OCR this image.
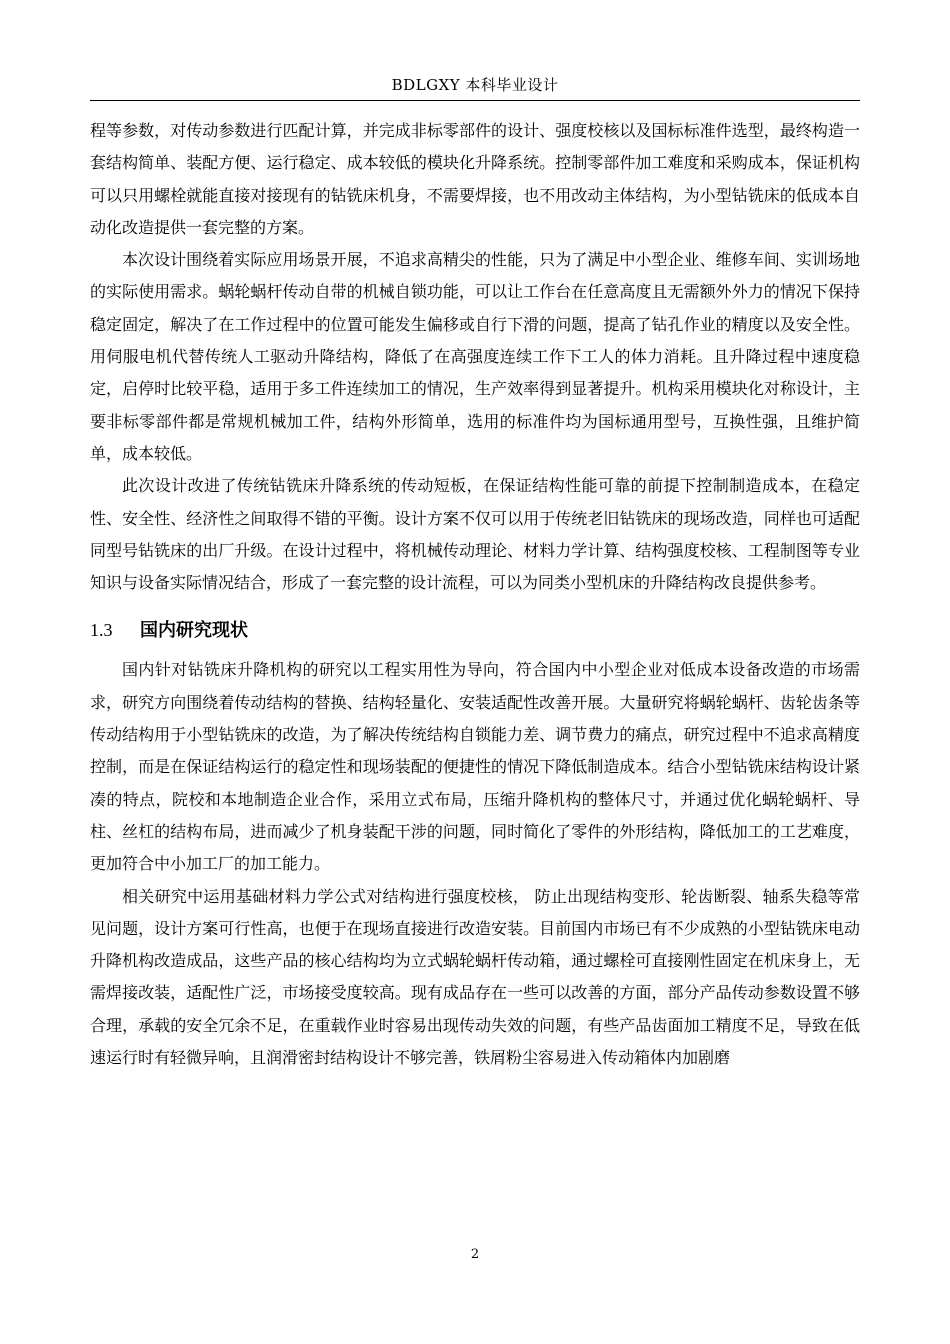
BDLGXY 本科毕业设计

程等参数，对传动参数进行匹配计算，并完成非标零部件的设计、强度校核以及国标标准件选型，最终构造一套结构简单、装配方便、运行稳定、成本较低的模块化升降系统。控制零部件加工难度和采购成本，保证机构可以只用螺栓就能直接对接现有的钻铣床机身，不需要焊接，也不用改动主体结构，为小型钻铣床的低成本自动化改造提供一套完整的方案。

本次设计围绕着实际应用场景开展，不追求高精尖的性能，只为了满足中小型企业、维修车间、实训场地的实际使用需求。蜗轮蜗杆传动自带的机械自锁功能，可以让工作台在任意高度且无需额外外力的情况下保持稳定固定，解决了在工作过程中的位置可能发生偏移或自行下滑的问题，提高了钻孔作业的精度以及安全性。用伺服电机代替传统人工驱动升降结构，降低了在高强度连续工作下工人的体力消耗。且升降过程中速度稳定，启停时比较平稳，适用于多工件连续加工的情况，生产效率得到显著提升。机构采用模块化对称设计，主要非标零部件都是常规机械加工件，结构外形简单，选用的标准件均为国标通用型号，互换性强，且维护简单，成本较低。

此次设计改进了传统钻铣床升降系统的传动短板，在保证结构性能可靠的前提下控制制造成本，在稳定性、安全性、经济性之间取得不错的平衡。设计方案不仅可以用于传统老旧钻铣床的现场改造，同样也可适配同型号钻铣床的出厂升级。在设计过程中，将机械传动理论、材料力学计算、结构强度校核、工程制图等专业知识与设备实际情况结合，形成了一套完整的设计流程，可以为同类小型机床的升降结构改良提供参考。

1.3 国内研究现状

国内针对钻铣床升降机构的研究以工程实用性为导向，符合国内中小型企业对低成本设备改造的市场需求，研究方向围绕着传动结构的替换、结构轻量化、安装适配性改善开展。大量研究将蜗轮蜗杆、齿轮齿条等传动结构用于小型钻铣床的改造，为了解决传统结构自锁能力差、调节费力的痛点，研究过程中不追求高精度控制，而是在保证结构运行的稳定性和现场装配的便捷性的情况下降低制造成本。结合小型钻铣床结构设计紧凑的特点，院校和本地制造企业合作，采用立式布局，压缩升降机构的整体尺寸，并通过优化蜗轮蜗杆、导柱、丝杠的结构布局，进而减少了机身装配干涉的问题，同时简化了零件的外形结构，降低加工的工艺难度，更加符合中小加工厂的加工能力。

相关研究中运用基础材料力学公式对结构进行强度校核， 防止出现结构变形、轮齿断裂、轴系失稳等常见问题，设计方案可行性高，也便于在现场直接进行改造安装。目前国内市场已有不少成熟的小型钻铣床电动升降机构改造成品，这些产品的核心结构均为立式蜗轮蜗杆传动箱，通过螺栓可直接刚性固定在机床身上，无需焊接改装，适配性广泛，市场接受度较高。现有成品存在一些可以改善的方面，部分产品传动参数设置不够合理，承载的安全冗余不足，在重载作业时容易出现传动失效的问题，有些产品齿面加工精度不足，导致在低速运行时有轻微异响，且润滑密封结构设计不够完善，铁屑粉尘容易进入传动箱体内加剧磨

2
